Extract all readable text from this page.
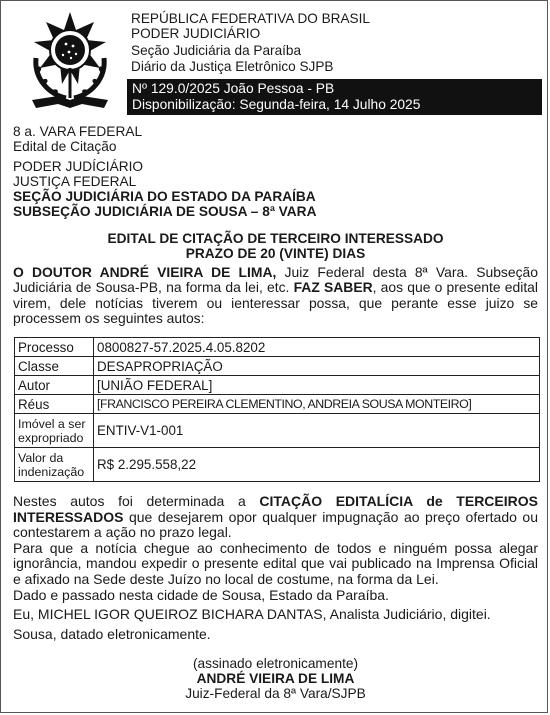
REPÚBLICA FEDERATIVA DO BRASIL
PODER JUDICIÁRIO
Seção Judiciária da Paraíba
Diário da Justiça Eletrônico SJPB
Nº 129.0/2025 João Pessoa - PB
Disponibilização: Segunda-feira, 14 Julho 2025
8 a. VARA FEDERAL
Edital de Citação
PODER JUDÍCIÁRIO
JUSTIÇA FEDERAL
SEÇÃO JUDICIÁRIA DO ESTADO DA PARAÍBA
SUBSEÇÃO JUDICIÁRIA DE SOUSA – 8ª VARA
EDITAL DE CITAÇÃO DE TERCEIRO INTERESSADO
PRAZO DE 20 (VINTE) DIAS
O DOUTOR ANDRÉ VIEIRA DE LIMA, Juiz Federal desta 8ª Vara. Subseção Judiciária de Sousa-PB, na forma da lei, etc. FAZ SABER, aos que o presente edital virem, dele notícias tiverem ou ienteressar possa, que perante esse juizo se processem os seguintes autos:
Processo	0800827-57.2025.4.05.8202
Classe	DESAPROPRIAÇÃO
Autor	[UNIÃO FEDERAL]
Réus	[FRANCISCO PEREIRA CLEMENTINO, ANDREIA SOUSA MONTEIRO]
Imóvel a ser expropriado	ENTIV-V1-001
Valor da indenização	R$ 2.295.558,22
Nestes autos foi determinada a CITAÇÃO EDITALÍCIA de TERCEIROS INTERESSADOS que desejarem opor qualquer impugnação ao preço ofertado ou contestarem a ação no prazo legal.
Para que a notícia chegue ao conhecimento de todos e ninguém possa alegar ignorância, mandou expedir o presente edital que vai publicado na Imprensa Oficial e afixado na Sede deste Juízo no local de costume, na forma da Lei.
Dado e passado nesta cidade de Sousa, Estado da Paraíba.
Eu, MICHEL IGOR QUEIROZ BICHARA DANTAS, Analista Judiciário, digitei.
Sousa, datado eletronicamente.
(assinado eletronicamente)
ANDRÉ VIEIRA DE LIMA
Juiz-Federal da 8ª Vara/SJPB
